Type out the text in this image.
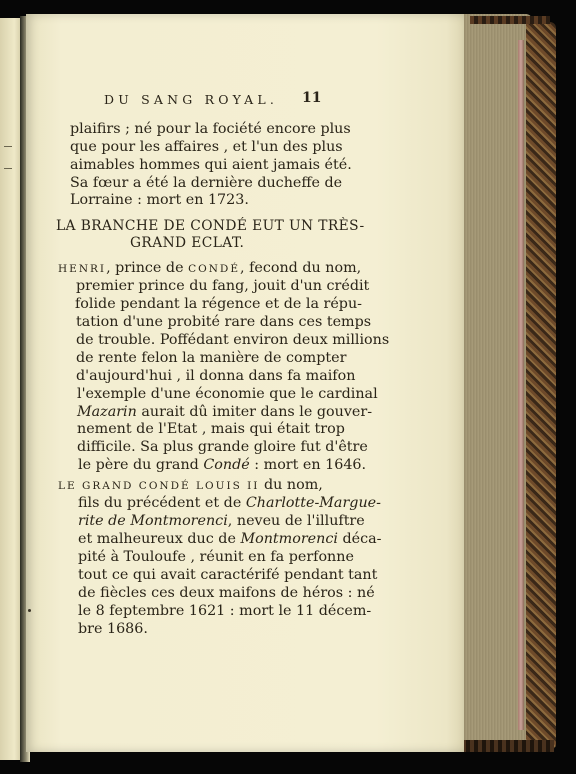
DU SANG ROYAL. 11
plaifirs ; né pour la fociété encore plus
que pour les affaires , et l'un des plus
aimables hommes qui aient jamais été.
Sa fœur a été la dernière ducheffe de
Lorraine : mort en 1723.
LA BRANCHE DE CONDÉ EUT UN TRÈS-
GRAND ECLAT.
HENRI, prince de CONDÉ, fecond du nom,
premier prince du fang, jouit d'un crédit
folide pendant la régence et de la répu-
tation d'une probité rare dans ces temps
de trouble. Poffédant environ deux millions
de rente felon la manière de compter
d'aujourd'hui , il donna dans fa maifon
l'exemple d'une économie que le cardinal
Mazarin aurait dû imiter dans le gouver-
nement de l'Etat , mais qui était trop
difficile. Sa plus grande gloire fut d'être
le père du grand Condé : mort en 1646.
LE GRAND CONDÉ LOUIS II du nom,
fils du précédent et de Charlotte-Margue-
rite de Montmorenci, neveu de l'illuftre
et malheureux duc de Montmorenci déca-
pité à Touloufe , réunit en fa perfonne
tout ce qui avait caractérifé pendant tant
de fiècles ces deux maifons de héros : né
le 8 feptembre 1621 : mort le 11 décem-
bre 1686.
